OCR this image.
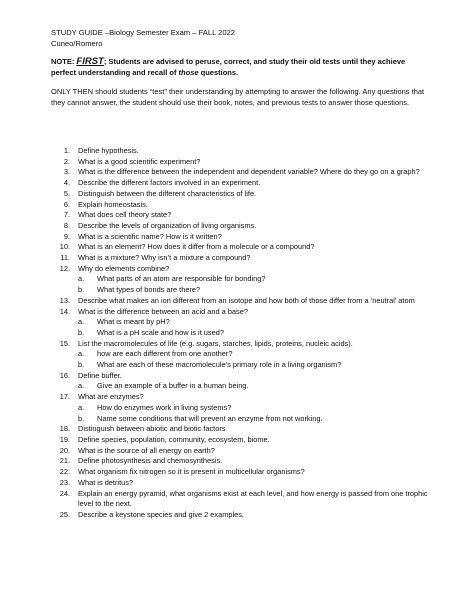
STUDY GUIDE –Biology Semester Exam – FALL 2022
Cuneo/Romero
NOTE: FIRST; Students are advised to peruse, correct, and study their old tests until they achieve perfect understanding and recall of those questions.
ONLY THEN should students “test” their understanding by attempting to answer the following. Any questions that they cannot answer, the student should use their book, notes, and previous tests to answer those questions.
1. Define hypothesis.
2. What is a good scientific experiment?
3. What is the difference between the independent and dependent variable? Where do they go on a graph?
4. Describe the different factors involved in an experiment.
5. Distinguish between the different characteristics of life.
6. Explain homeostasis.
7. What does cell theory state?
8. Describe the levels of organization of living organisms.
9. What is a scientific name? How is it written?
10. What is an element? How does it differ from a molecule or a compound?
11. What is a mixture? Why isn’t a mixture a compound?
12. Why do elements combine?
a. What parts of an atom are responsible for bonding?
b. What types of bonds are there?
13. Describe what makes an ion different from an isotope and how both of those differ from a ‘neutral’ atom
14. What is the difference between an acid and a base?
a. What is meant by pH?
b. What is a pH scale and how is it used?
15. List the macromolecules of life (e.g. sugars, starches, lipids, proteins, nucleic acids).
a. how are each different from one another?
b. What are each of these macromolecule’s primary role in a living organism?
16. Define buffer.
a. Give an example of a buffer in a human being.
17. What are enzymes?
a. How do enzymes work in living systems?
b. Name some conditions that will prevent an enzyme from not working.
18. Distinguish between abiotic and biotic factors
19. Define species, population, community, ecosystem, biome.
20. What is the source of all energy on earth?
21. Define photosynthesis and chemosynthesis.
22. What organism fix nitrogen so it is present in multicellular organisms?
23. What is detritus?
24. Explain an energy pyramid, what organisms exist at each level, and how energy is passed from one trophic level to the next.
25. Describe a keystone species and give 2 examples.
